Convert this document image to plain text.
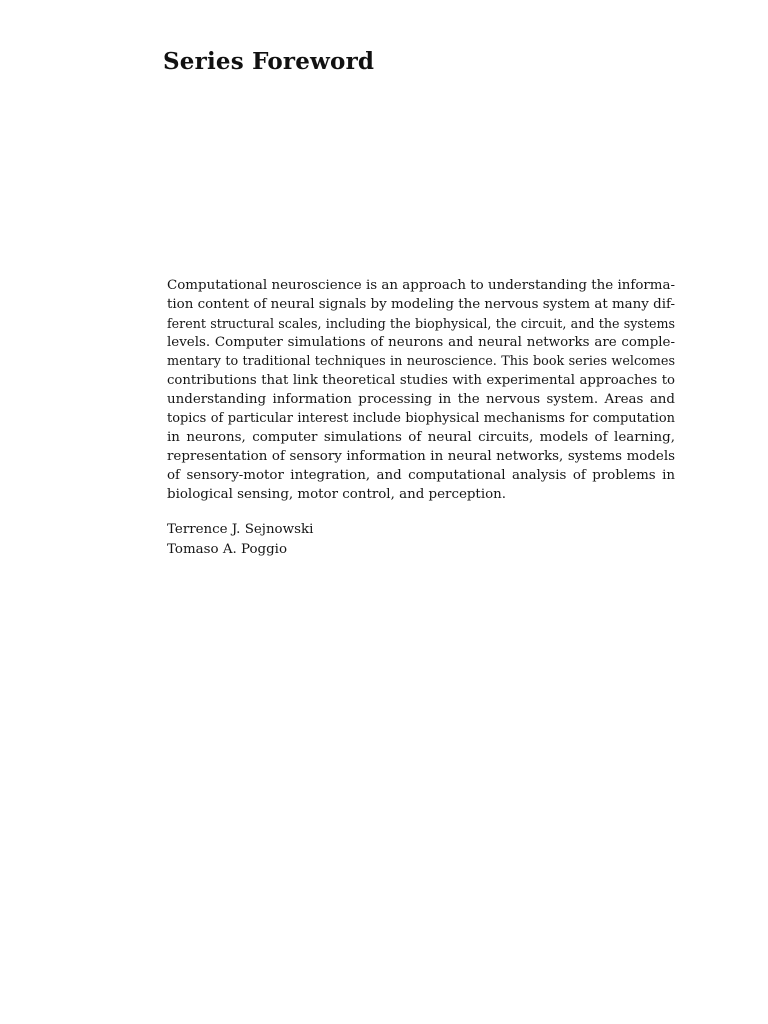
Series Foreword
Computational neuroscience is an approach to understanding the informa-
tion content of neural signals by modeling the nervous system at many dif-
ferent structural scales, including the biophysical, the circuit, and the systems
levels. Computer simulations of neurons and neural networks are comple-
mentary to traditional techniques in neuroscience. This book series welcomes
contributions that link theoretical studies with experimental approaches to
understanding information processing in the nervous system. Areas and
topics of particular interest include biophysical mechanisms for computation
in neurons, computer simulations of neural circuits, models of learning,
representation of sensory information in neural networks, systems models
of sensory-motor integration, and computational analysis of problems in
biological sensing, motor control, and perception.
Terrence J. Sejnowski
Tomaso A. Poggio
